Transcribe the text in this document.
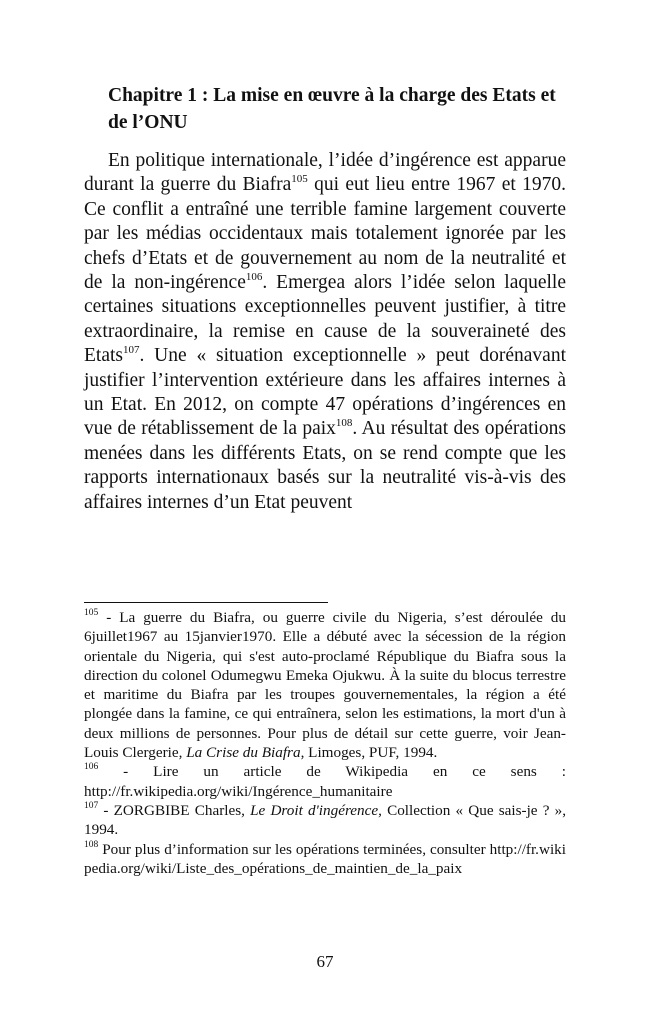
Chapitre 1 : La mise en œuvre à la charge des Etats et de l’ONU

En politique internationale, l’idée d’ingérence est apparue durant la guerre du Biafra$^{105}$ qui eut lieu entre 1967 et 1970. Ce conflit a entraîné une terrible famine largement couverte par les médias occidentaux mais totalement ignorée par les chefs d’Etats et de gouvernement au nom de la neutralité et de la non-ingérence$^{106}$. Emergea alors l’idée selon laquelle certaines situations exceptionnelles peuvent justifier, à titre extraordinaire, la remise en cause de la souveraineté des Etats$^{107}$. Une « situation exceptionnelle » peut dorénavant justifier l’intervention extérieure dans les affaires internes à un Etat. En 2012, on compte 47 opérations d’ingérences en vue de rétablissement de la paix$^{108}$. Au résultat des opérations menées dans les différents Etats, on se rend compte que les rapports internationaux basés sur la neutralité vis-à-vis des affaires internes d’un Etat peuvent

$^{105}$ - La guerre du Biafra, ou guerre civile du Nigeria, s’est déroulée du 6juillet1967 au 15janvier1970. Elle a débuté avec la sécession de la région orientale du Nigeria, qui s'est auto-proclamé République du Biafra sous la direction du colonel Odumegwu Emeka Ojukwu. À la suite du blocus terrestre et maritime du Biafra par les troupes gouvernementales, la région a été plongée dans la famine, ce qui entraînera, selon les estimations, la mort d'un à deux millions de personnes. Pour plus de détail sur cette guerre, voir Jean-Louis Clergerie, La Crise du Biafra, Limoges, PUF, 1994.

$^{106}$ - Lire un article de Wikipedia en ce sens :
http://fr.wikipedia.org/wiki/Ingérence_humanitaire

$^{107}$ - ZORGBIBE Charles, Le Droit d'ingérence, Collection « Que sais-je ? », 1994.

$^{108}$ Pour plus d’information sur les opérations terminées, consulter http://fr.wikipedia.org/wiki/Liste_des_opérations_de_maintien_de_la_paix

67
